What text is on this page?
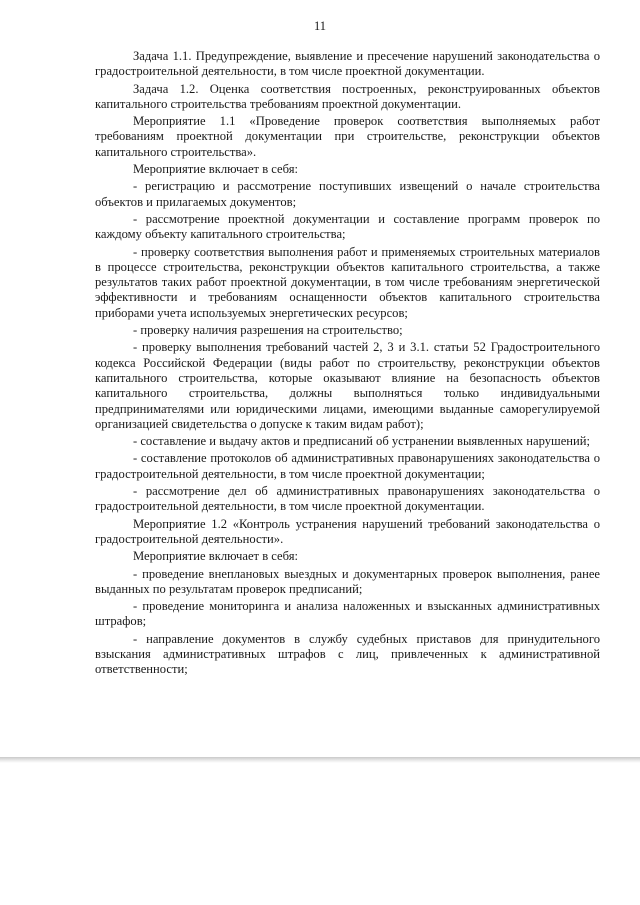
11

Задача 1.1. Предупреждение, выявление и пресечение нарушений законодательства о градостроительной деятельности, в том числе проектной документации.

Задача 1.2. Оценка соответствия построенных, реконструированных объектов капитального строительства требованиям проектной документации.

Мероприятие 1.1 «Проведение проверок соответствия выполняемых работ требованиям проектной документации при строительстве, реконструкции объектов капитального строительства».

Мероприятие включает в себя:

- регистрацию и рассмотрение поступивших извещений о начале строительства объектов и прилагаемых документов;

- рассмотрение проектной документации и составление программ проверок по каждому объекту капитального строительства;

- проверку соответствия выполнения работ и применяемых строительных материалов в процессе строительства, реконструкции объектов капитального строительства, а также результатов таких работ проектной документации, в том числе требованиям энергетической эффективности и требованиям оснащенности объектов капитального строительства приборами учета используемых энергетических ресурсов;

- проверку наличия разрешения на строительство;

- проверку выполнения требований частей 2, 3 и 3.1. статьи 52 Градостроительного кодекса Российской Федерации (виды работ по строительству, реконструкции объектов капитального строительства, которые оказывают влияние на безопасность объектов капитального строительства, должны выполняться только индивидуальными предпринимателями или юридическими лицами, имеющими выданные саморегулируемой организацией свидетельства о допуске к таким видам работ);

- составление и выдачу актов и предписаний об устранении выявленных нарушений;

- составление протоколов об административных правонарушениях законодательства о градостроительной деятельности, в том числе проектной документации;

- рассмотрение дел об административных правонарушениях законодательства о градостроительной деятельности, в том числе проектной документации.

Мероприятие 1.2 «Контроль устранения нарушений требований законодательства о градостроительной деятельности».

Мероприятие включает в себя:

- проведение внеплановых выездных и документарных проверок выполнения, ранее выданных по результатам проверок предписаний;

- проведение мониторинга и анализа наложенных и взысканных административных штрафов;

- направление документов в службу судебных приставов для принудительного взыскания административных штрафов с лиц, привлеченных к административной ответственности;
